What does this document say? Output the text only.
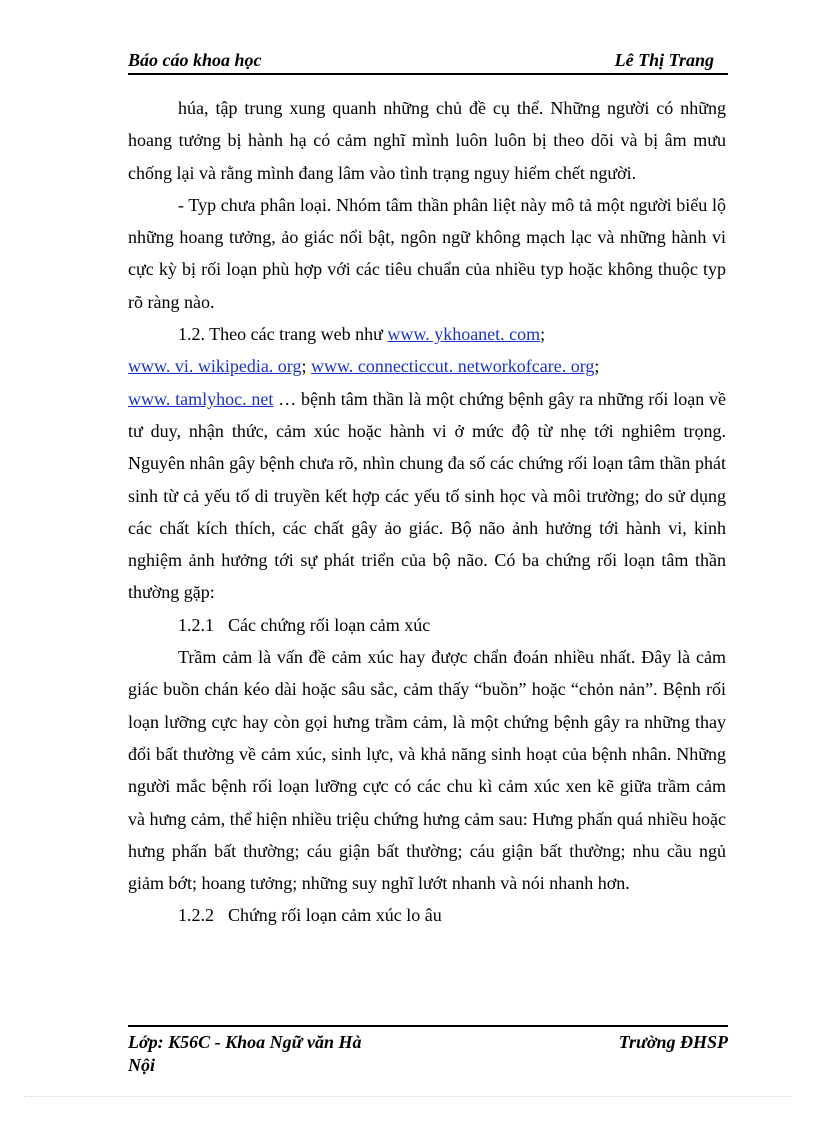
Báo cáo khoa học	Lê Thị Trang

húa, tập trung xung quanh những chủ đề cụ thể. Những người có những hoang tưởng bị hành hạ có cảm nghĩ mình luôn luôn bị theo dõi và bị âm mưu chống lại và rằng mình đang lâm vào tình trạng nguy hiểm chết người.

- Typ chưa phân loại. Nhóm tâm thần phân liệt này mô tả một người biểu lộ những hoang tưởng, ảo giác nổi bật, ngôn ngữ không mạch lạc và những hành vi cực kỳ bị rối loạn phù hợp với các tiêu chuẩn của nhiều typ hoặc không thuộc typ rõ ràng nào.

1.2. Theo các trang web như www. ykhoanet. com;
www. vi. wikipedia. org; www. connecticcut. networkofcare. org;
www. tamlyhoc. net … bệnh tâm thần là một chứng bệnh gây ra những rối loạn về tư duy, nhận thức, cảm xúc hoặc hành vi ở mức độ từ nhẹ tới nghiêm trọng. Nguyên nhân gây bệnh chưa rõ, nhìn chung đa số các chứng rối loạn tâm thần phát sinh từ cả yếu tố di truyền kết hợp các yếu tố sinh học và môi trường; do sử dụng các chất kích thích, các chất gây ảo giác. Bộ não ảnh hưởng tới hành vi, kinh nghiệm ảnh hưởng tới sự phát triển của bộ não. Có ba chứng rối loạn tâm thần thường gặp:

1.2.1 Các chứng rối loạn cảm xúc

Trầm cảm là vấn đề cảm xúc hay được chẩn đoán nhiều nhất. Đây là cảm giác buồn chán kéo dài hoặc sâu sắc, cảm thấy “buồn” hoặc “chỏn nản”. Bệnh rối loạn lưỡng cực hay còn gọi hưng trầm cảm, là một chứng bệnh gây ra những thay đổi bất thường về cảm xúc, sinh lực, và khả năng sinh hoạt của bệnh nhân. Những người mắc bệnh rối loạn lưỡng cực có các chu kì cảm xúc xen kẽ giữa trầm cảm và hưng cảm, thể hiện nhiều triệu chứng hưng cảm sau: Hưng phấn quá nhiều hoặc hưng phấn bất thường; cáu giận bất thường; cáu giận bất thường; nhu cầu ngủ giảm bớt; hoang tưởng; những suy nghĩ lướt nhanh và nói nhanh hơn.

1.2.2 Chứng rối loạn cảm xúc lo âu

Lớp: K56C - Khoa Ngữ văn Hà Nội
Trường ĐHSP
